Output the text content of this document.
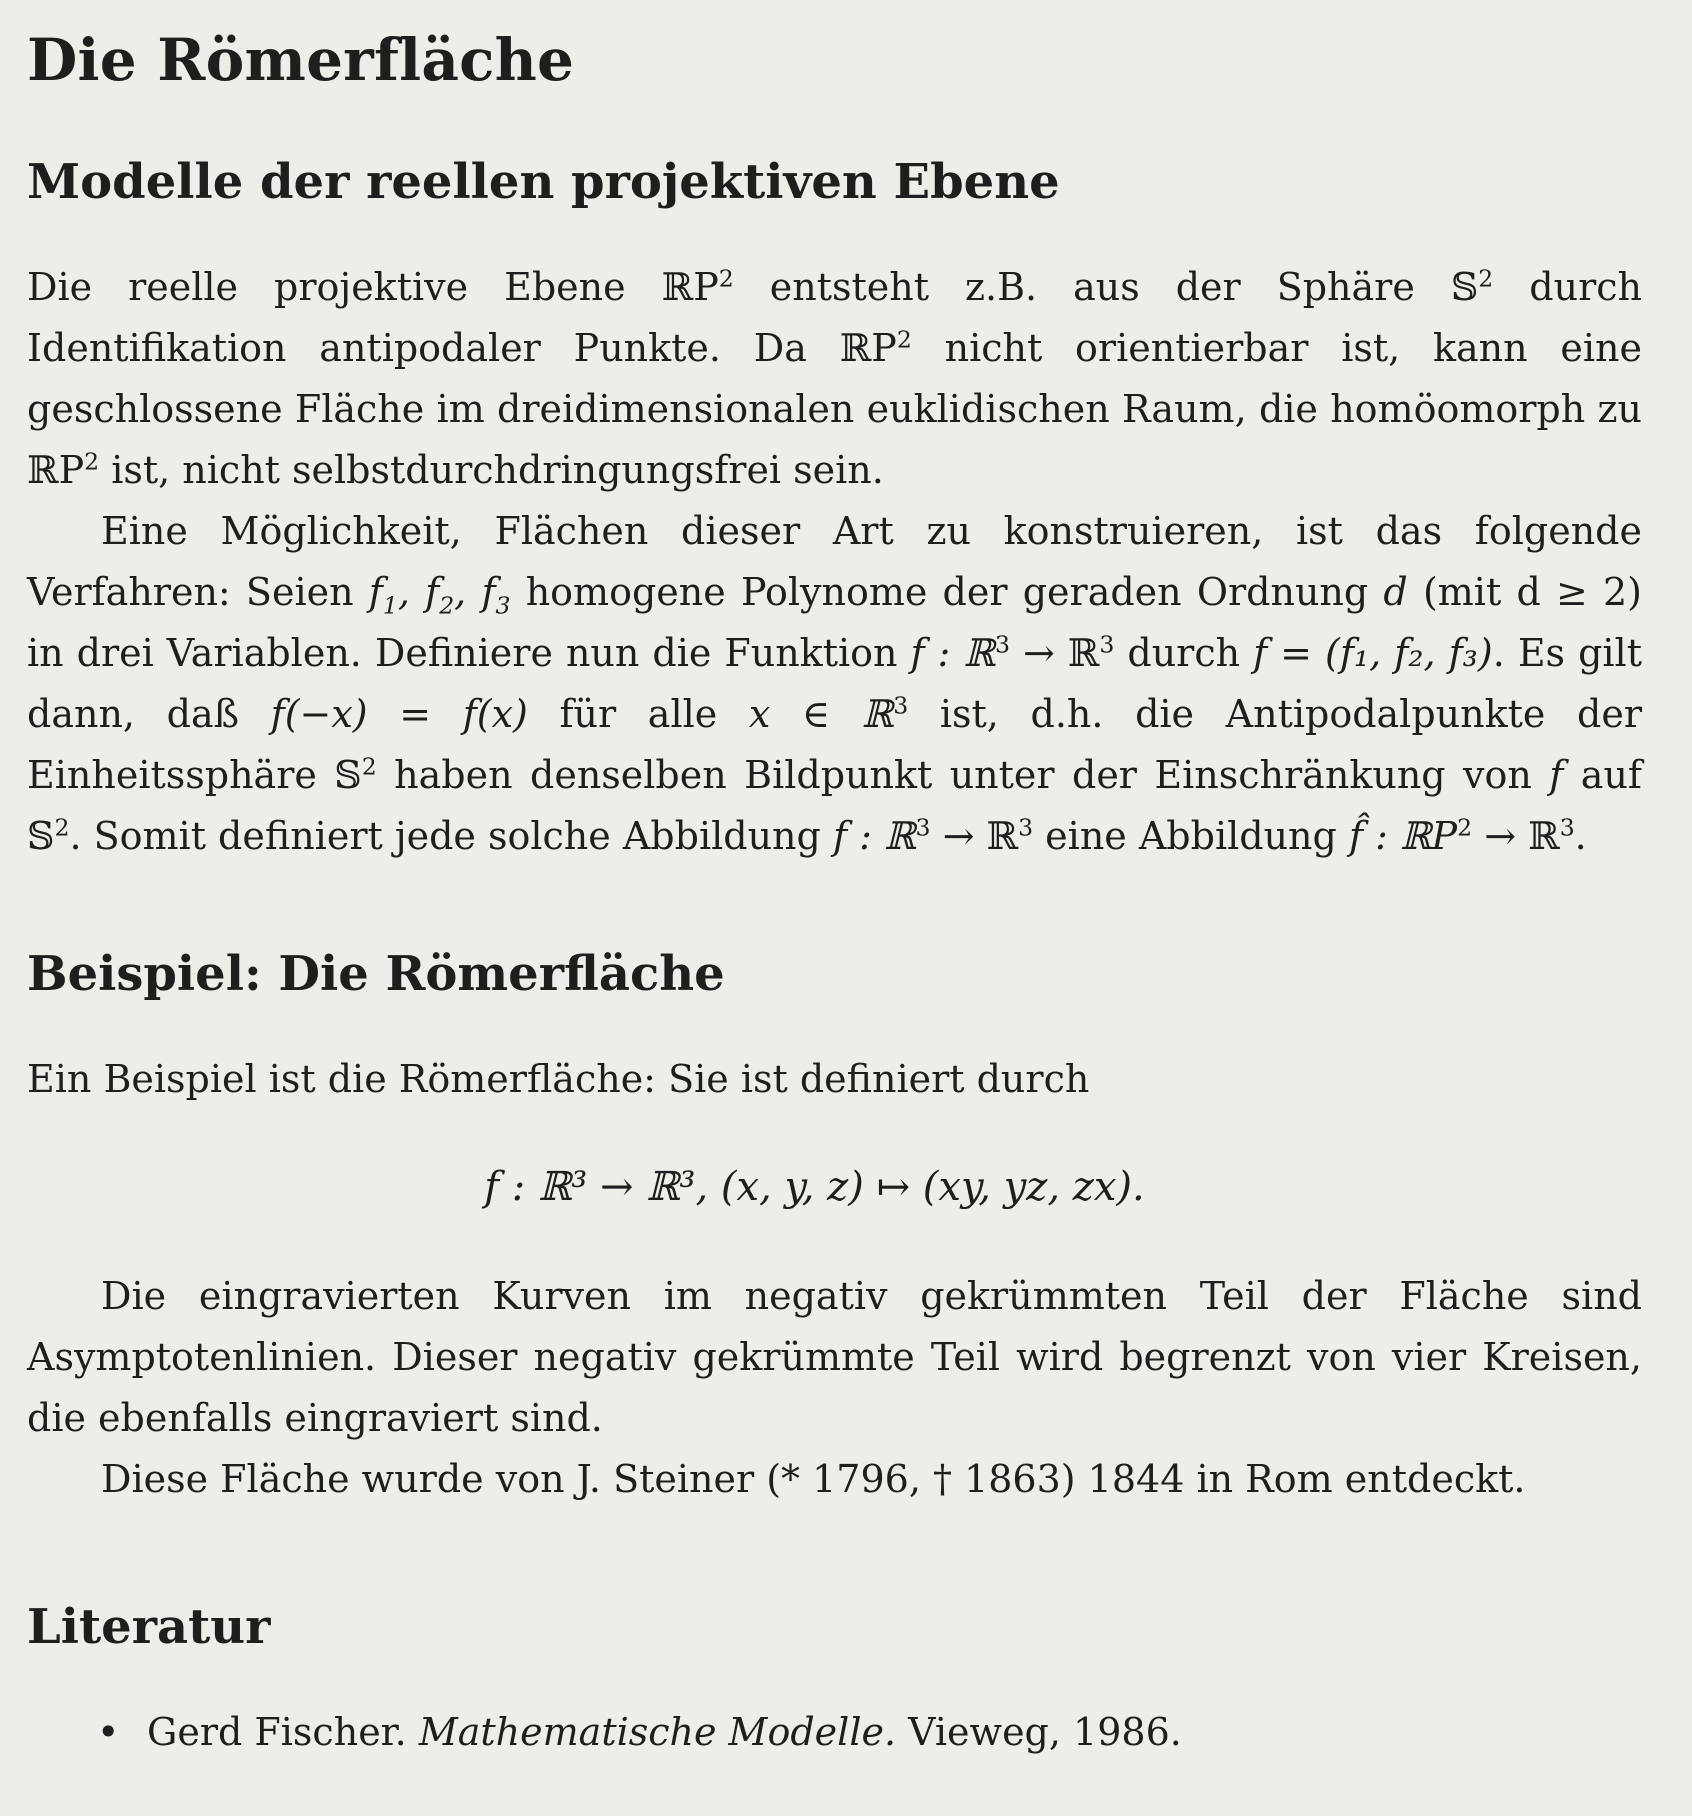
Die Römerfläche
Modelle der reellen projektiven Ebene

Die reelle projektive Ebene ℝP$^2$ entsteht z.B. aus der Sphäre 𝕊$^2$ durch Identifikation antipodaler Punkte. Da ℝP$^2$ nicht orientierbar ist, kann eine geschlossene Fläche im dreidimensionalen euklidischen Raum, die homöomorph zu ℝP$^2$ ist, nicht selbstdurchdringungsfrei sein.

Eine Möglichkeit, Flächen dieser Art zu konstruieren, ist das folgende Verfahren: Seien $f_1$, $f_2$, $f_3$ homogene Polynome der geraden Ordnung d (mit d ≥ 2) in drei Variablen. Definiere nun die Funktion f : ℝ$^3$ → ℝ$^3$ durch f = (f₁, f₂, f₃). Es gilt dann, daß f(−x) = f(x) für alle x ∈ ℝ$^3$ ist, d.h. die Antipodalpunkte der Einheitssphäre 𝕊$^2$ haben denselben Bildpunkt unter der Einschränkung von f auf 𝕊$^2$. Somit definiert jede solche Abbildung f : ℝ$^3$ → ℝ$^3$ eine Abbildung f̂ : ℝP$^2$ → ℝ$^3$.

Beispiel: Die Römerfläche

Ein Beispiel ist die Römerfläche: Sie ist definiert durch

f : ℝ³ → ℝ³, (x, y, z) ↦ (xy, yz, zx).

Die eingravierten Kurven im negativ gekrümmten Teil der Fläche sind Asymptotenlinien. Dieser negativ gekrümmte Teil wird begrenzt von vier Kreisen, die ebenfalls eingraviert sind.

Diese Fläche wurde von J. Steiner (* 1796, † 1863) 1844 in Rom entdeckt.

Literatur
• Gerd Fischer. Mathematische Modelle. Vieweg, 1986.
